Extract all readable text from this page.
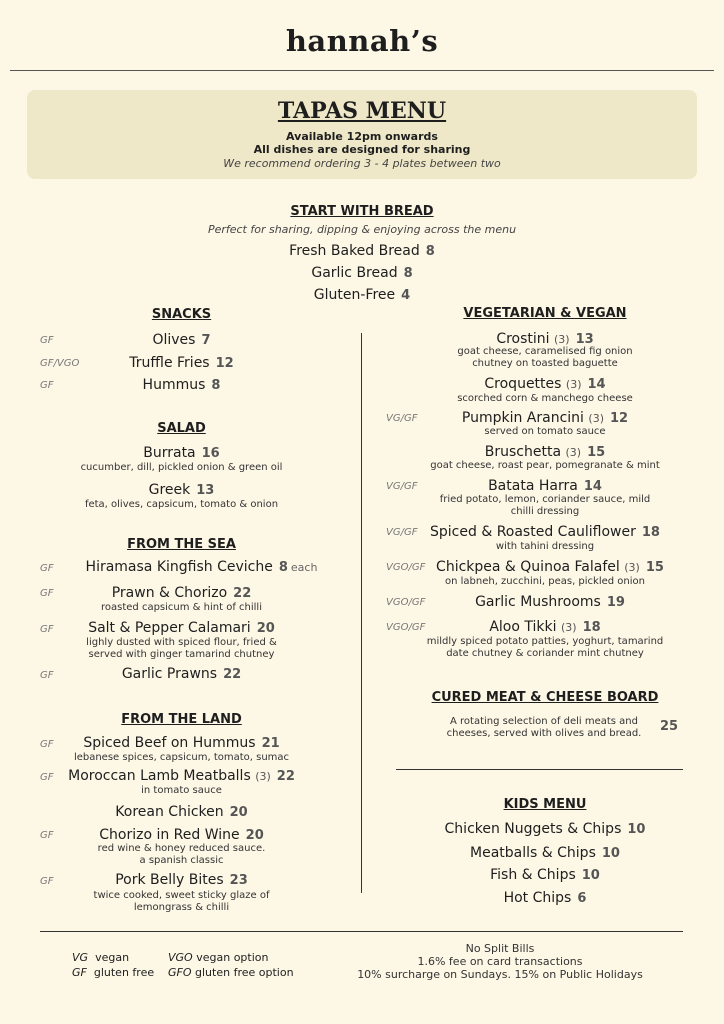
hannah’s
TAPAS MENU
Available 12pm onwards
All dishes are designed for sharing
We recommend ordering 3 - 4 plates between two
START WITH BREAD
Perfect for sharing, dipping & enjoying across the menu
Fresh Baked Bread 8
Garlic Bread 8
Gluten-Free 4
SNACKS
GF	Olives 7
GF/VGO	Truffle Fries 12
GF	Hummus 8
SALAD
Burrata 16
cucumber, dill, pickled onion & green oil
Greek 13
feta, olives, capsicum, tomato & onion
FROM THE SEA
GF	Hiramasa Kingfish Ceviche 8 each
GF	Prawn & Chorizo 22
roasted capsicum & hint of chilli
GF	Salt & Pepper Calamari 20
lighly dusted with spiced flour, fried &
served with ginger tamarind chutney
GF	Garlic Prawns 22
FROM THE LAND
GF	Spiced Beef on Hummus 21
lebanese spices, capsicum, tomato, sumac
GF	Moroccan Lamb Meatballs (3) 22
in tomato sauce
Korean Chicken 20
GF	Chorizo in Red Wine 20
red wine & honey reduced sauce.
a spanish classic
GF	Pork Belly Bites 23
twice cooked, sweet sticky glaze of
lemongrass & chilli
VEGETARIAN & VEGAN
Crostini (3) 13
goat cheese, caramelised fig onion
chutney on toasted baguette
Croquettes (3) 14
scorched corn & manchego cheese
VG/GF	Pumpkin Arancini (3) 12
served on tomato sauce
Bruschetta (3) 15
goat cheese, roast pear, pomegranate & mint
VG/GF	Batata Harra 14
fried potato, lemon, coriander sauce, mild
chilli dressing
VG/GF Spiced & Roasted Cauliflower 18
with tahini dressing
VGO/GF Chickpea & Quinoa Falafel (3) 15
on labneh, zucchini, peas, pickled onion
VGO/GF	Garlic Mushrooms 19
VGO/GF	Aloo Tikki (3) 18
mildly spiced potato patties, yoghurt, tamarind
date chutney & coriander mint chutney
CURED MEAT & CHEESE BOARD
A rotating selection of deli meats and
cheeses, served with olives and bread.	25
KIDS MENU
Chicken Nuggets & Chips 10
Meatballs & Chips 10
Fish & Chips 10
Hot Chips 6
VG vegan	VGO vegan option
GF gluten free GFO gluten free option
No Split Bills
1.6% fee on card transactions
10% surcharge on Sundays. 15% on Public Holidays
